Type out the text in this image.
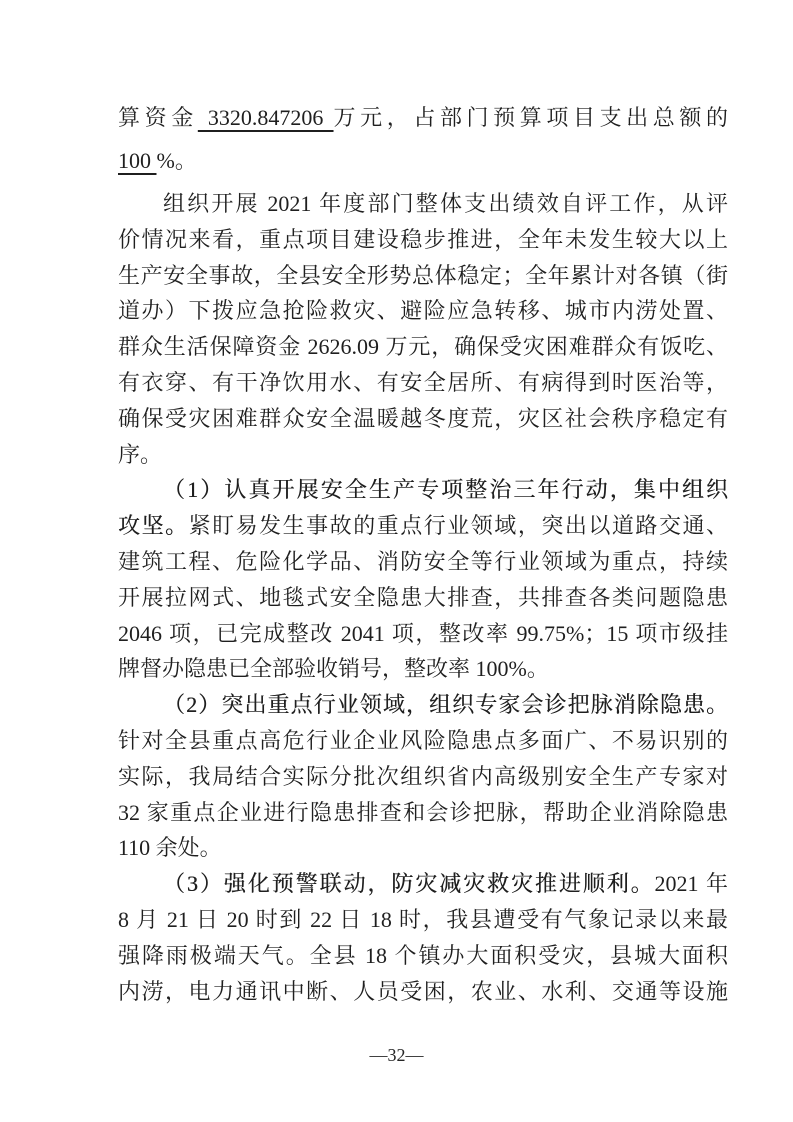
算资金 3320.847206 万元，占部门预算项目支出总额的
100 %。
组织开展 2021 年度部门整体支出绩效自评工作，从评
价情况来看，重点项目建设稳步推进，全年未发生较大以上
生产安全事故，全县安全形势总体稳定；全年累计对各镇（街
道办）下拨应急抢险救灾、避险应急转移、城市内涝处置、
群众生活保障资金 2626.09 万元，确保受灾困难群众有饭吃、
有衣穿、有干净饮用水、有安全居所、有病得到时医治等，
确保受灾困难群众安全温暖越冬度荒，灾区社会秩序稳定有
序。
（1）认真开展安全生产专项整治三年行动，集中组织
攻坚。紧盯易发生事故的重点行业领域，突出以道路交通、
建筑工程、危险化学品、消防安全等行业领域为重点，持续
开展拉网式、地毯式安全隐患大排查，共排查各类问题隐患
2046 项，已完成整改 2041 项，整改率 99.75%；15 项市级挂
牌督办隐患已全部验收销号，整改率 100%。
（2）突出重点行业领域，组织专家会诊把脉消除隐患。
针对全县重点高危行业企业风险隐患点多面广、不易识别的
实际，我局结合实际分批次组织省内高级别安全生产专家对
32 家重点企业进行隐患排查和会诊把脉，帮助企业消除隐患
110 余处。
（3）强化预警联动，防灾减灾救灾推进顺利。2021 年
8 月 21 日 20 时到 22 日 18 时，我县遭受有气象记录以来最
强降雨极端天气。全县 18 个镇办大面积受灾，县城大面积
内涝，电力通讯中断、人员受困，农业、水利、交通等设施
—32—
